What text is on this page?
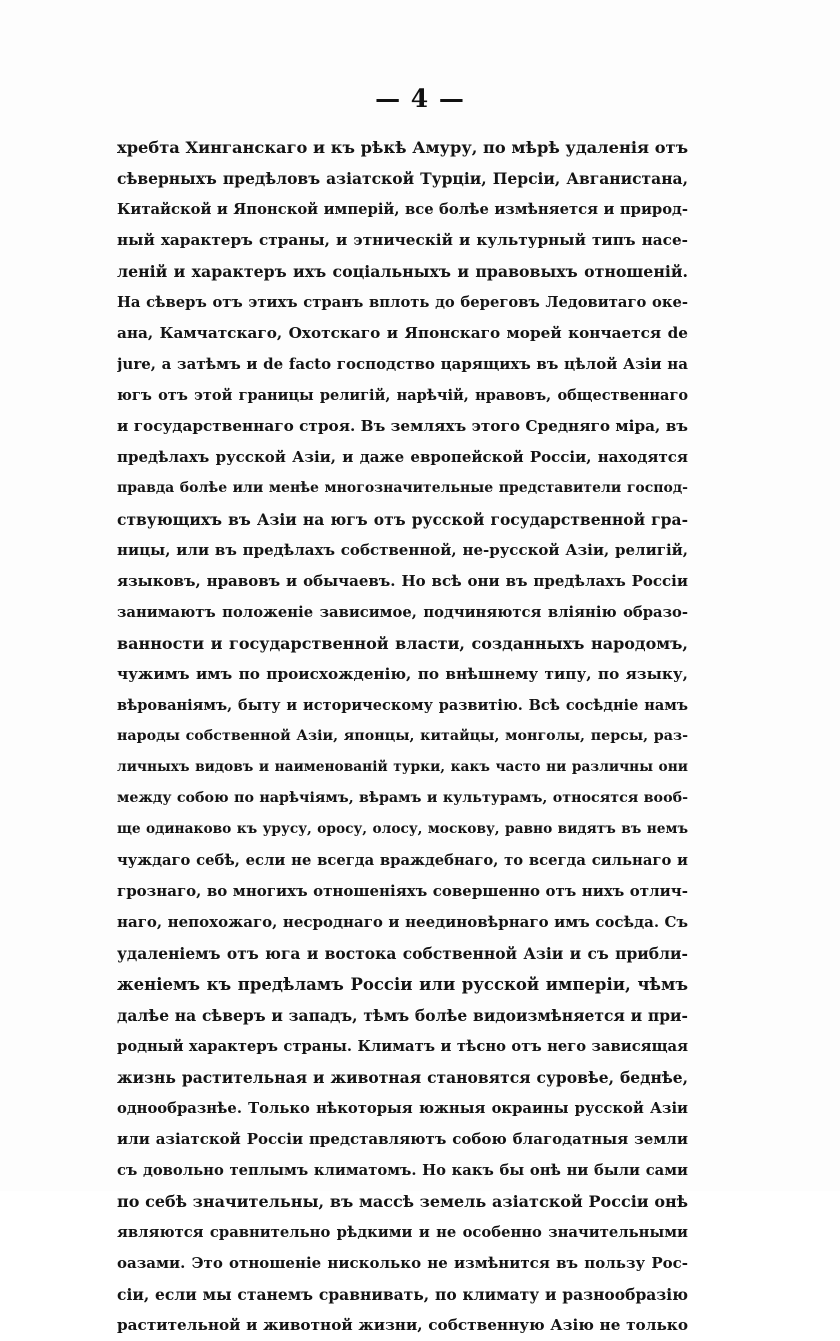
— 4 —
хребта Хинганскаго и къ рѣкѣ Амуру, по мѣрѣ удаленія отъ
сѣверныхъ предѣловъ азіатской Турціи, Персіи, Авганистана,
Китайской и Японской имперій, все болѣе измѣняется и природ-
ный характеръ страны, и этническій и культурный типъ насе-
леній и характеръ ихъ соціальныхъ и правовыхъ отношеній.
На сѣверъ отъ этихъ странъ вплоть до береговъ Ледовитаго оке-
ана, Камчатскаго, Охотскаго и Японскаго морей кончается de
jure, а затѣмъ и de facto господство царящихъ въ цѣлой Азіи на
югъ отъ этой границы религій, нарѣчій, нравовъ, общественнаго
и государственнаго строя. Въ земляхъ этого Средняго міра, въ
предѣлахъ русской Азіи, и даже европейской Россіи, находятся
правда болѣе или менѣе многозначительные представители господ-
ствующихъ въ Азіи на югъ отъ русской государственной гра-
ницы, или въ предѣлахъ собственной, не-русской Азіи, религій,
языковъ, нравовъ и обычаевъ. Но всѣ они въ предѣлахъ Россіи
занимаютъ положеніе зависимое, подчиняются вліянію образо-
ванности и государственной власти, созданныхъ народомъ,
чужимъ имъ по происхожденію, по внѣшнему типу, по языку,
вѣрованіямъ, быту и историческому развитію. Всѣ сосѣдніе намъ
народы собственной Азіи, японцы, китайцы, монголы, персы, раз-
личныхъ видовъ и наименованій турки, какъ часто ни различны они
между собою по нарѣчіямъ, вѣрамъ и культурамъ, относятся вооб-
ще одинаково къ урусу, оросу, олосу, москову, равно видятъ въ немъ
чуждаго себѣ, если не всегда враждебнаго, то всегда сильнаго и
грознаго, во многихъ отношеніяхъ совершенно отъ нихъ отлич-
наго, непохожаго, несроднаго и неединовѣрнаго имъ сосѣда. Съ
удаленіемъ отъ юга и востока собственной Азіи и съ прибли-
женіемъ къ предѣламъ Россіи или русской имперіи, чѣмъ
далѣе на сѣверъ и западъ, тѣмъ болѣе видоизмѣняется и при-
родный характеръ страны. Климатъ и тѣсно отъ него зависящая
жизнь растительная и животная становятся суровѣе, беднѣе,
однообразнѣе. Только нѣкоторыя южныя окраины русской Азіи
или азіатской Россіи представляютъ собою благодатныя земли
съ довольно теплымъ климатомъ. Но какъ бы онѣ ни были сами
по себѣ значительны, въ массѣ земель азіатской Россіи онѣ
являются сравнительно рѣдкими и не особенно значительными
оазами. Это отношеніе нисколько не измѣнится въ пользу Рос-
сіи, если мы станемъ сравнивать, по климату и разнообразію
растительной и животной жизни, собственную Азію не только
